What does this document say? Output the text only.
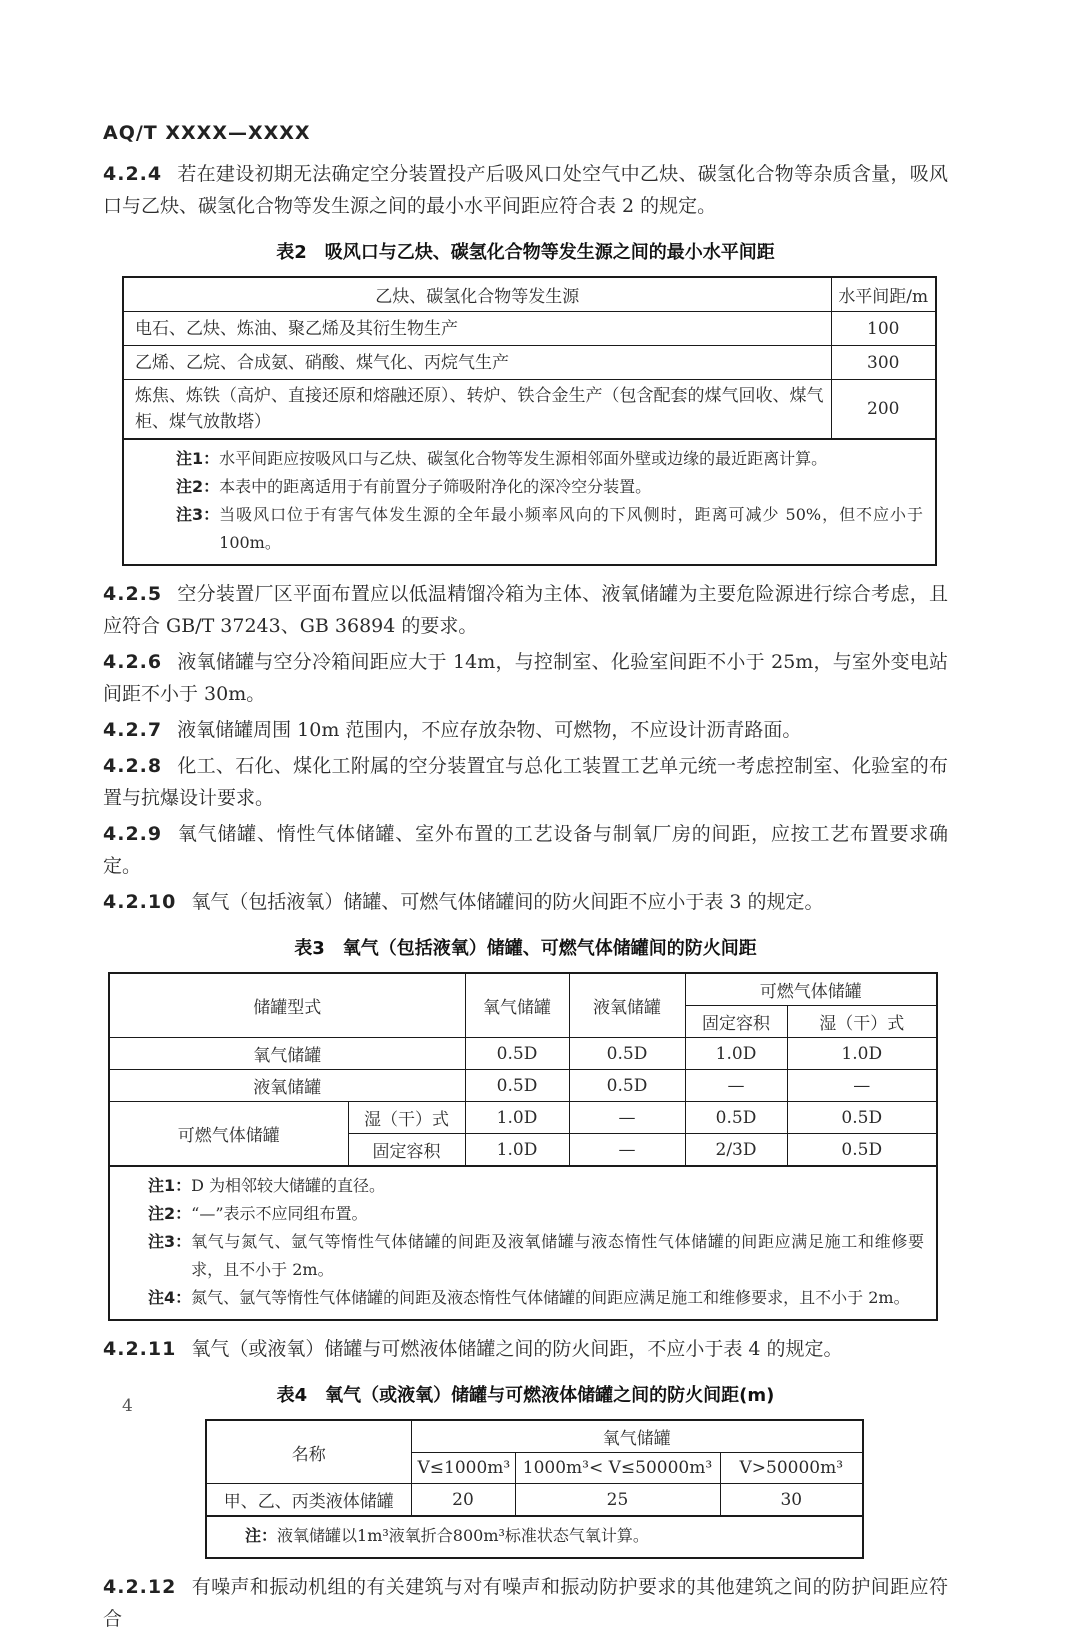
AQ/T XXXX—XXXX

4.2.4 若在建设初期无法确定空分装置投产后吸风口处空气中乙炔、碳氢化合物等杂质含量，吸风口与乙炔、碳氢化合物等发生源之间的最小水平间距应符合表 2 的规定。

表2　吸风口与乙炔、碳氢化合物等发生源之间的最小水平间距
乙炔、碳氢化合物等发生源	水平间距/m
电石、乙炔、炼油、聚乙烯及其衍生物生产	100
乙烯、乙烷、合成氨、硝酸、煤气化、丙烷气生产	300
炼焦、炼铁（高炉、直接还原和熔融还原）、转炉、铁合金生产（包含配套的煤气回收、煤气柜、煤气放散塔）	200

注1： 水平间距应按吸风口与乙炔、碳氢化合物等发生源相邻面外壁或边缘的最近距离计算。
注2： 本表中的距离适用于有前置分子筛吸附净化的深冷空分装置。
注3： 当吸风口位于有害气体发生源的全年最小频率风向的下风侧时，距离可减少 50%，但不应小于 100m。

4.2.5 空分装置厂区平面布置应以低温精馏冷箱为主体、液氧储罐为主要危险源进行综合考虑，且应符合 GB/T 37243、GB 36894 的要求。

4.2.6 液氧储罐与空分冷箱间距应大于 14m，与控制室、化验室间距不小于 25m，与室外变电站间距不小于 30m。

4.2.7 液氧储罐周围 10m 范围内，不应存放杂物、可燃物，不应设计沥青路面。

4.2.8 化工、石化、煤化工附属的空分装置宜与总化工装置工艺单元统一考虑控制室、化验室的布置与抗爆设计要求。

4.2.9 氧气储罐、惰性气体储罐、室外布置的工艺设备与制氧厂房的间距，应按工艺布置要求确定。

4.2.10 氧气（包括液氧）储罐、可燃气体储罐间的防火间距不应小于表 3 的规定。

表3　氧气（包括液氧）储罐、可燃气体储罐间的防火间距
储罐型式		氧气储罐	液氧储罐	可燃气体储罐	
				固定容积	湿（干）式
氧气储罐		0.5D	0.5D	1.0D	1.0D
液氧储罐		0.5D	0.5D	—	—
可燃气体储罐	湿（干）式	1.0D	—	0.5D	0.5D
	固定容积	1.0D	—	2/3D	0.5D

注1： D 为相邻较大储罐的直径。
注2： “—”表示不应同组布置。
注3： 氧气与氮气、氩气等惰性气体储罐的间距及液氧储罐与液态惰性气体储罐的间距应满足施工和维修要求，且不小于 2m。
注4： 氮气、氩气等惰性气体储罐的间距及液态惰性气体储罐的间距应满足施工和维修要求，且不小于 2m。

4.2.11 氧气（或液氧）储罐与可燃液体储罐之间的防火间距，不应小于表 4 的规定。

表4　氧气（或液氧）储罐与可燃液体储罐之间的防火间距(m)
名称	氧气储罐		
	V≤1000m³	1000m³< V≤50000m³	V>50000m³
甲、乙、丙类液体储罐	20	25	30

注： 液氧储罐以1m³液氧折合800m³标准状态气氧计算。			

4.2.12 有噪声和振动机组的有关建筑与对有噪声和振动防护要求的其他建筑之间的防护间距应符合

4
